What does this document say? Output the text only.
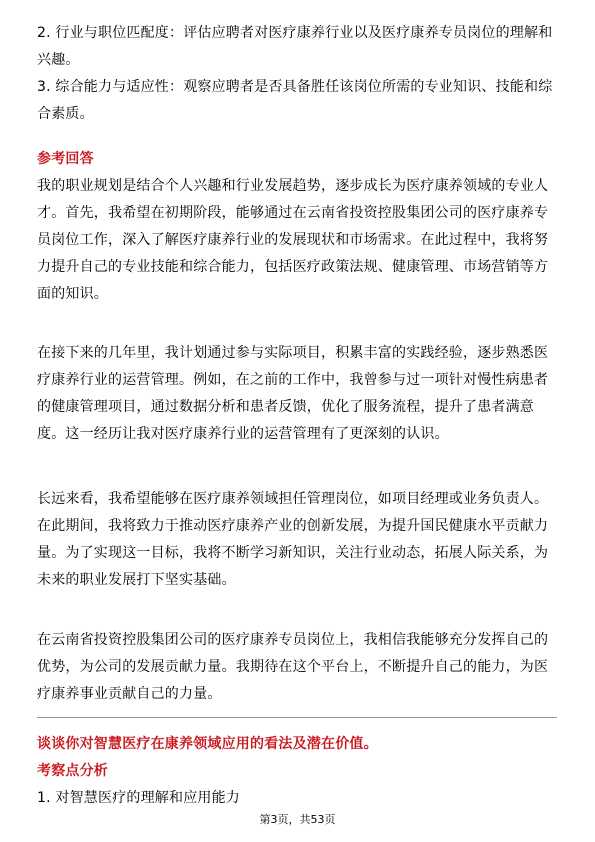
2. 行业与职位匹配度：评估应聘者对医疗康养行业以及医疗康养专员岗位的理解和
兴趣。
3. 综合能力与适应性：观察应聘者是否具备胜任该岗位所需的专业知识、技能和综
合素质。
参考回答
我的职业规划是结合个人兴趣和行业发展趋势，逐步成长为医疗康养领域的专业人
才。首先，我希望在初期阶段，能够通过在云南省投资控股集团公司的医疗康养专
员岗位工作，深入了解医疗康养行业的发展现状和市场需求。在此过程中，我将努
力提升自己的专业技能和综合能力，包括医疗政策法规、健康管理、市场营销等方
面的知识。
在接下来的几年里，我计划通过参与实际项目，积累丰富的实践经验，逐步熟悉医
疗康养行业的运营管理。例如，在之前的工作中，我曾参与过一项针对慢性病患者
的健康管理项目，通过数据分析和患者反馈，优化了服务流程，提升了患者满意
度。这一经历让我对医疗康养行业的运营管理有了更深刻的认识。
长远来看，我希望能够在医疗康养领域担任管理岗位，如项目经理或业务负责人。
在此期间，我将致力于推动医疗康养产业的创新发展，为提升国民健康水平贡献力
量。为了实现这一目标，我将不断学习新知识，关注行业动态，拓展人际关系，为
未来的职业发展打下坚实基础。
在云南省投资控股集团公司的医疗康养专员岗位上，我相信我能够充分发挥自己的
优势，为公司的发展贡献力量。我期待在这个平台上，不断提升自己的能力，为医
疗康养事业贡献自己的力量。
谈谈你对智慧医疗在康养领域应用的看法及潜在价值。
考察点分析
1. 对智慧医疗的理解和应用能力
第3页，共53页
